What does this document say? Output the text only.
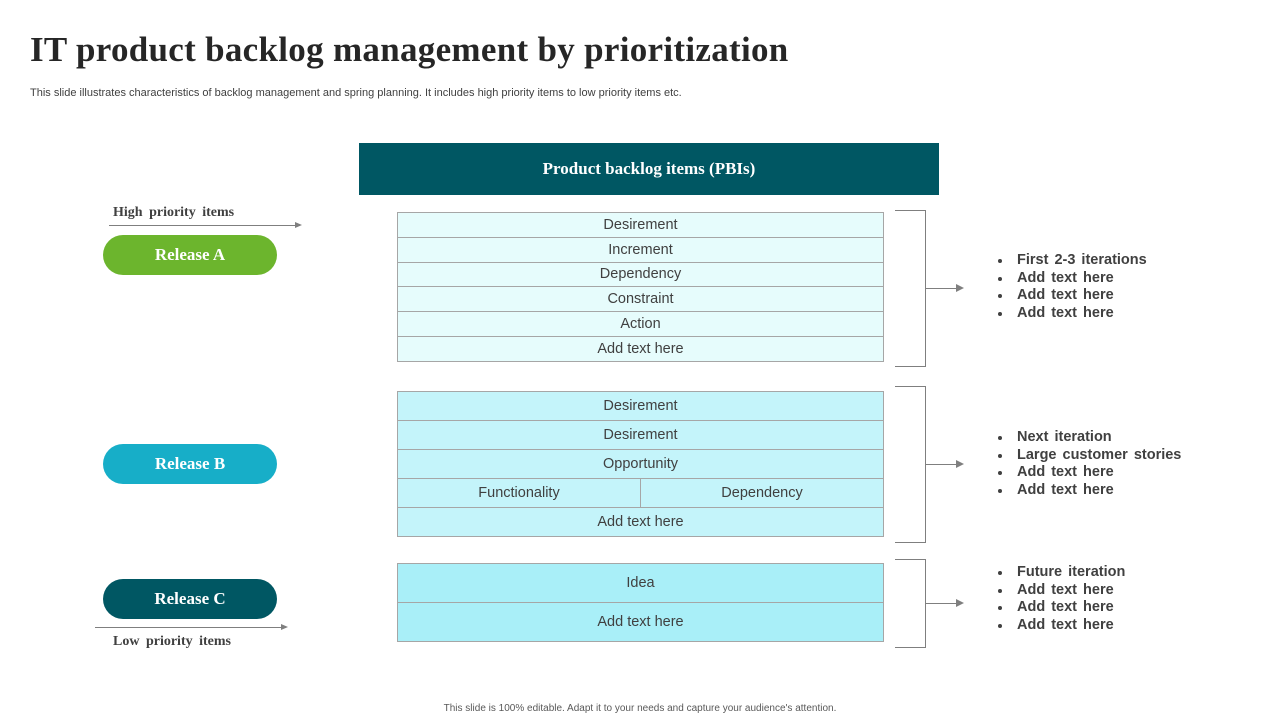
IT product backlog management by prioritization
This slide illustrates characteristics of backlog management and spring planning. It includes high priority items to low priority items etc.
Product backlog items (PBIs)
High priority items
Low priority items
Release A
Release B
Release C
Desirement
Increment
Dependency
Constraint
Action
Add text here
Desirement
Desirement
Opportunity
Functionality	Dependency
Add text here
Idea
Add text here
First 2-3 iterations
Add text here
Add text here
Add text here
Next iteration
Large customer stories
Add text here
Add text here
Future iteration
Add text here
Add text here
Add text here
This slide is 100% editable. Adapt it to your needs and capture your audience's attention.
